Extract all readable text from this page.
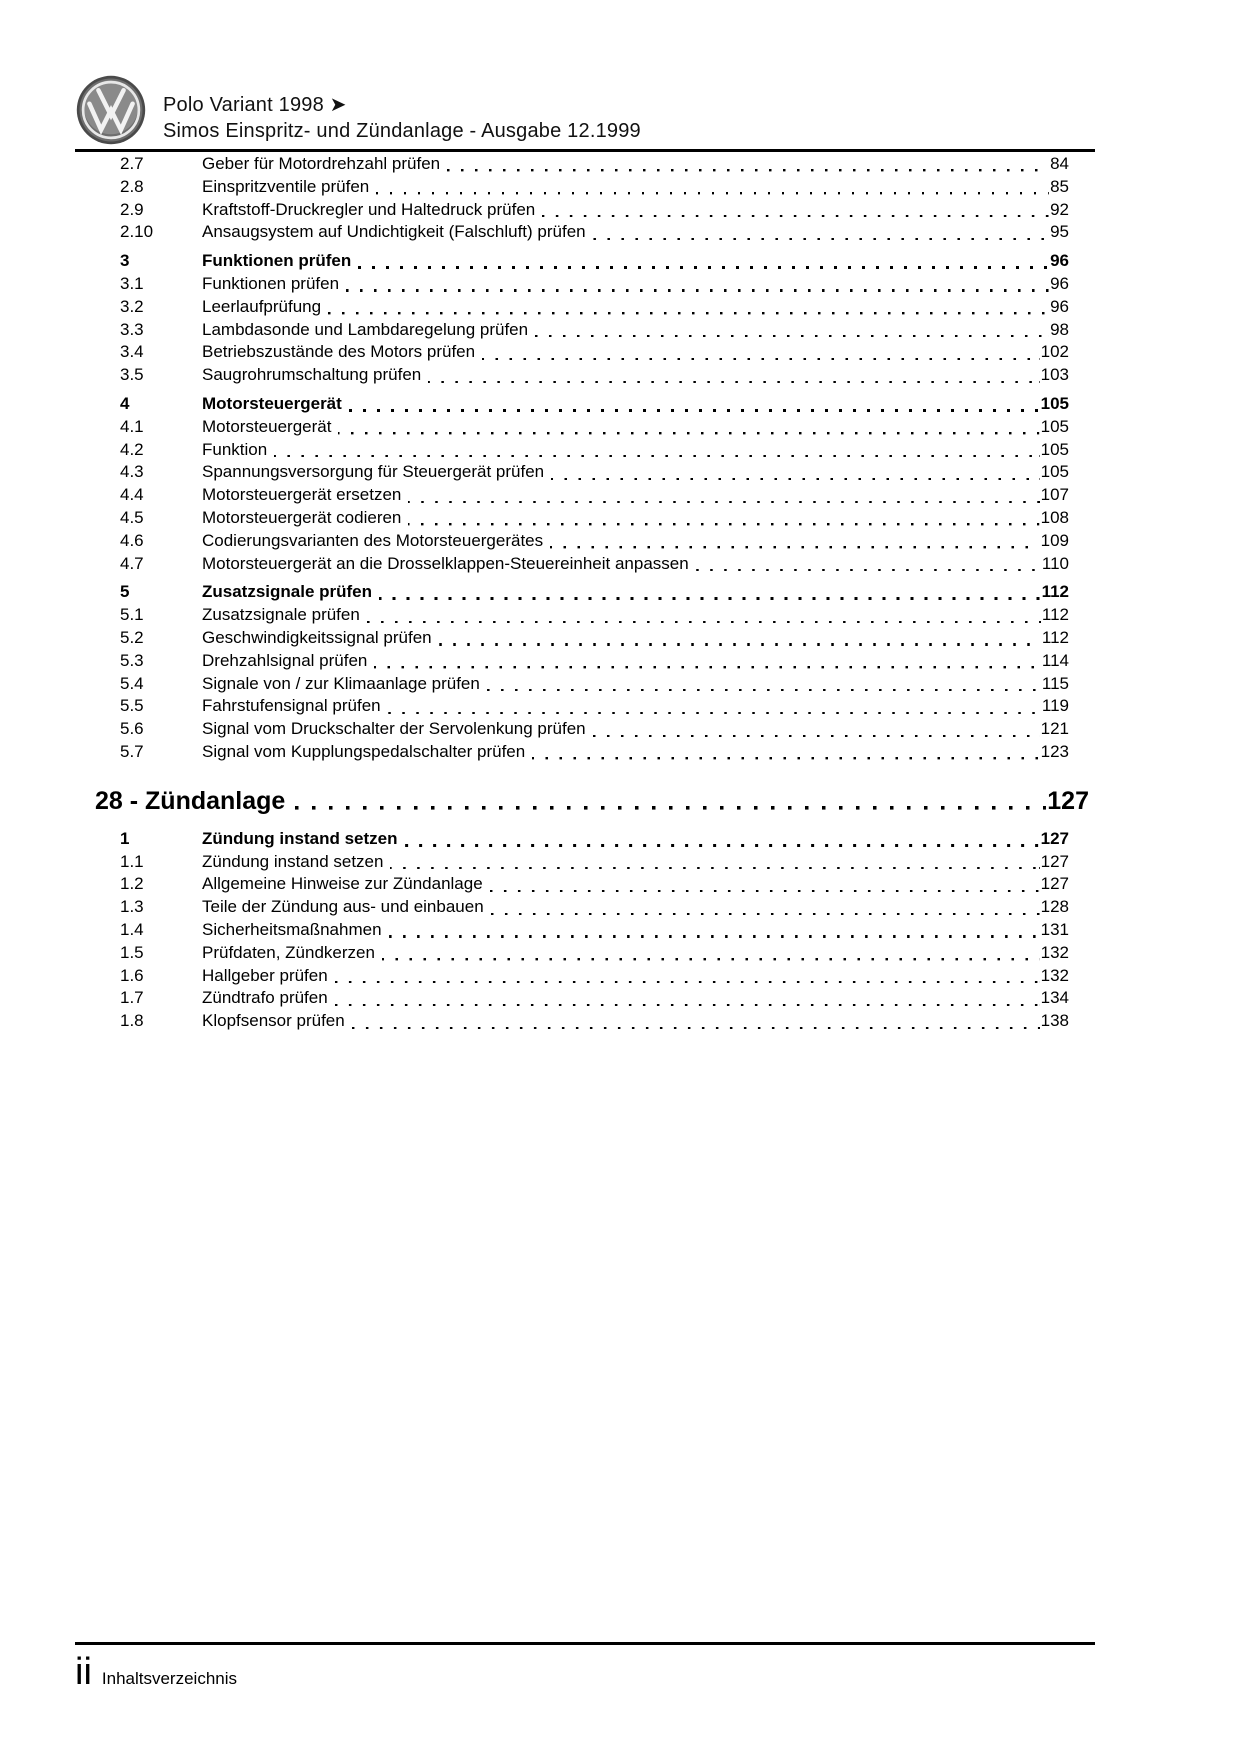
Polo Variant 1998 ➤
Simos Einspritz- und Zündanlage - Ausgabe 12.1999
2.7	Geber für Motordrehzahl prüfen	84
2.8	Einspritzventile prüfen	85
2.9	Kraftstoff-Druckregler und Haltedruck prüfen	92
2.10	Ansaugsystem auf Undichtigkeit (Falschluft) prüfen	95
3	Funktionen prüfen	96
3.1	Funktionen prüfen	96
3.2	Leerlaufprüfung	96
3.3	Lambdasonde und Lambdaregelung prüfen	98
3.4	Betriebszustände des Motors prüfen	102
3.5	Saugrohrumschaltung prüfen	103
4	Motorsteuergerät	105
4.1	Motorsteuergerät	105
4.2	Funktion	105
4.3	Spannungsversorgung für Steuergerät prüfen	105
4.4	Motorsteuergerät ersetzen	107
4.5	Motorsteuergerät codieren	108
4.6	Codierungsvarianten des Motorsteuergerätes	109
4.7	Motorsteuergerät an die Drosselklappen-Steuereinheit anpassen	110
5	Zusatzsignale prüfen	112
5.1	Zusatzsignale prüfen	112
5.2	Geschwindigkeitssignal prüfen	112
5.3	Drehzahlsignal prüfen	114
5.4	Signale von / zur Klimaanlage prüfen	115
5.5	Fahrstufensignal prüfen	119
5.6	Signal vom Druckschalter der Servolenkung prüfen	121
5.7	Signal vom Kupplungspedalschalter prüfen	123
28 - Zündanlage	127
1	Zündung instand setzen	127
1.1	Zündung instand setzen	127
1.2	Allgemeine Hinweise zur Zündanlage	127
1.3	Teile der Zündung aus- und einbauen	128
1.4	Sicherheitsmaßnahmen	131
1.5	Prüfdaten, Zündkerzen	132
1.6	Hallgeber prüfen	132
1.7	Zündtrafo prüfen	134
1.8	Klopfsensor prüfen	138
ii Inhaltsverzeichnis
